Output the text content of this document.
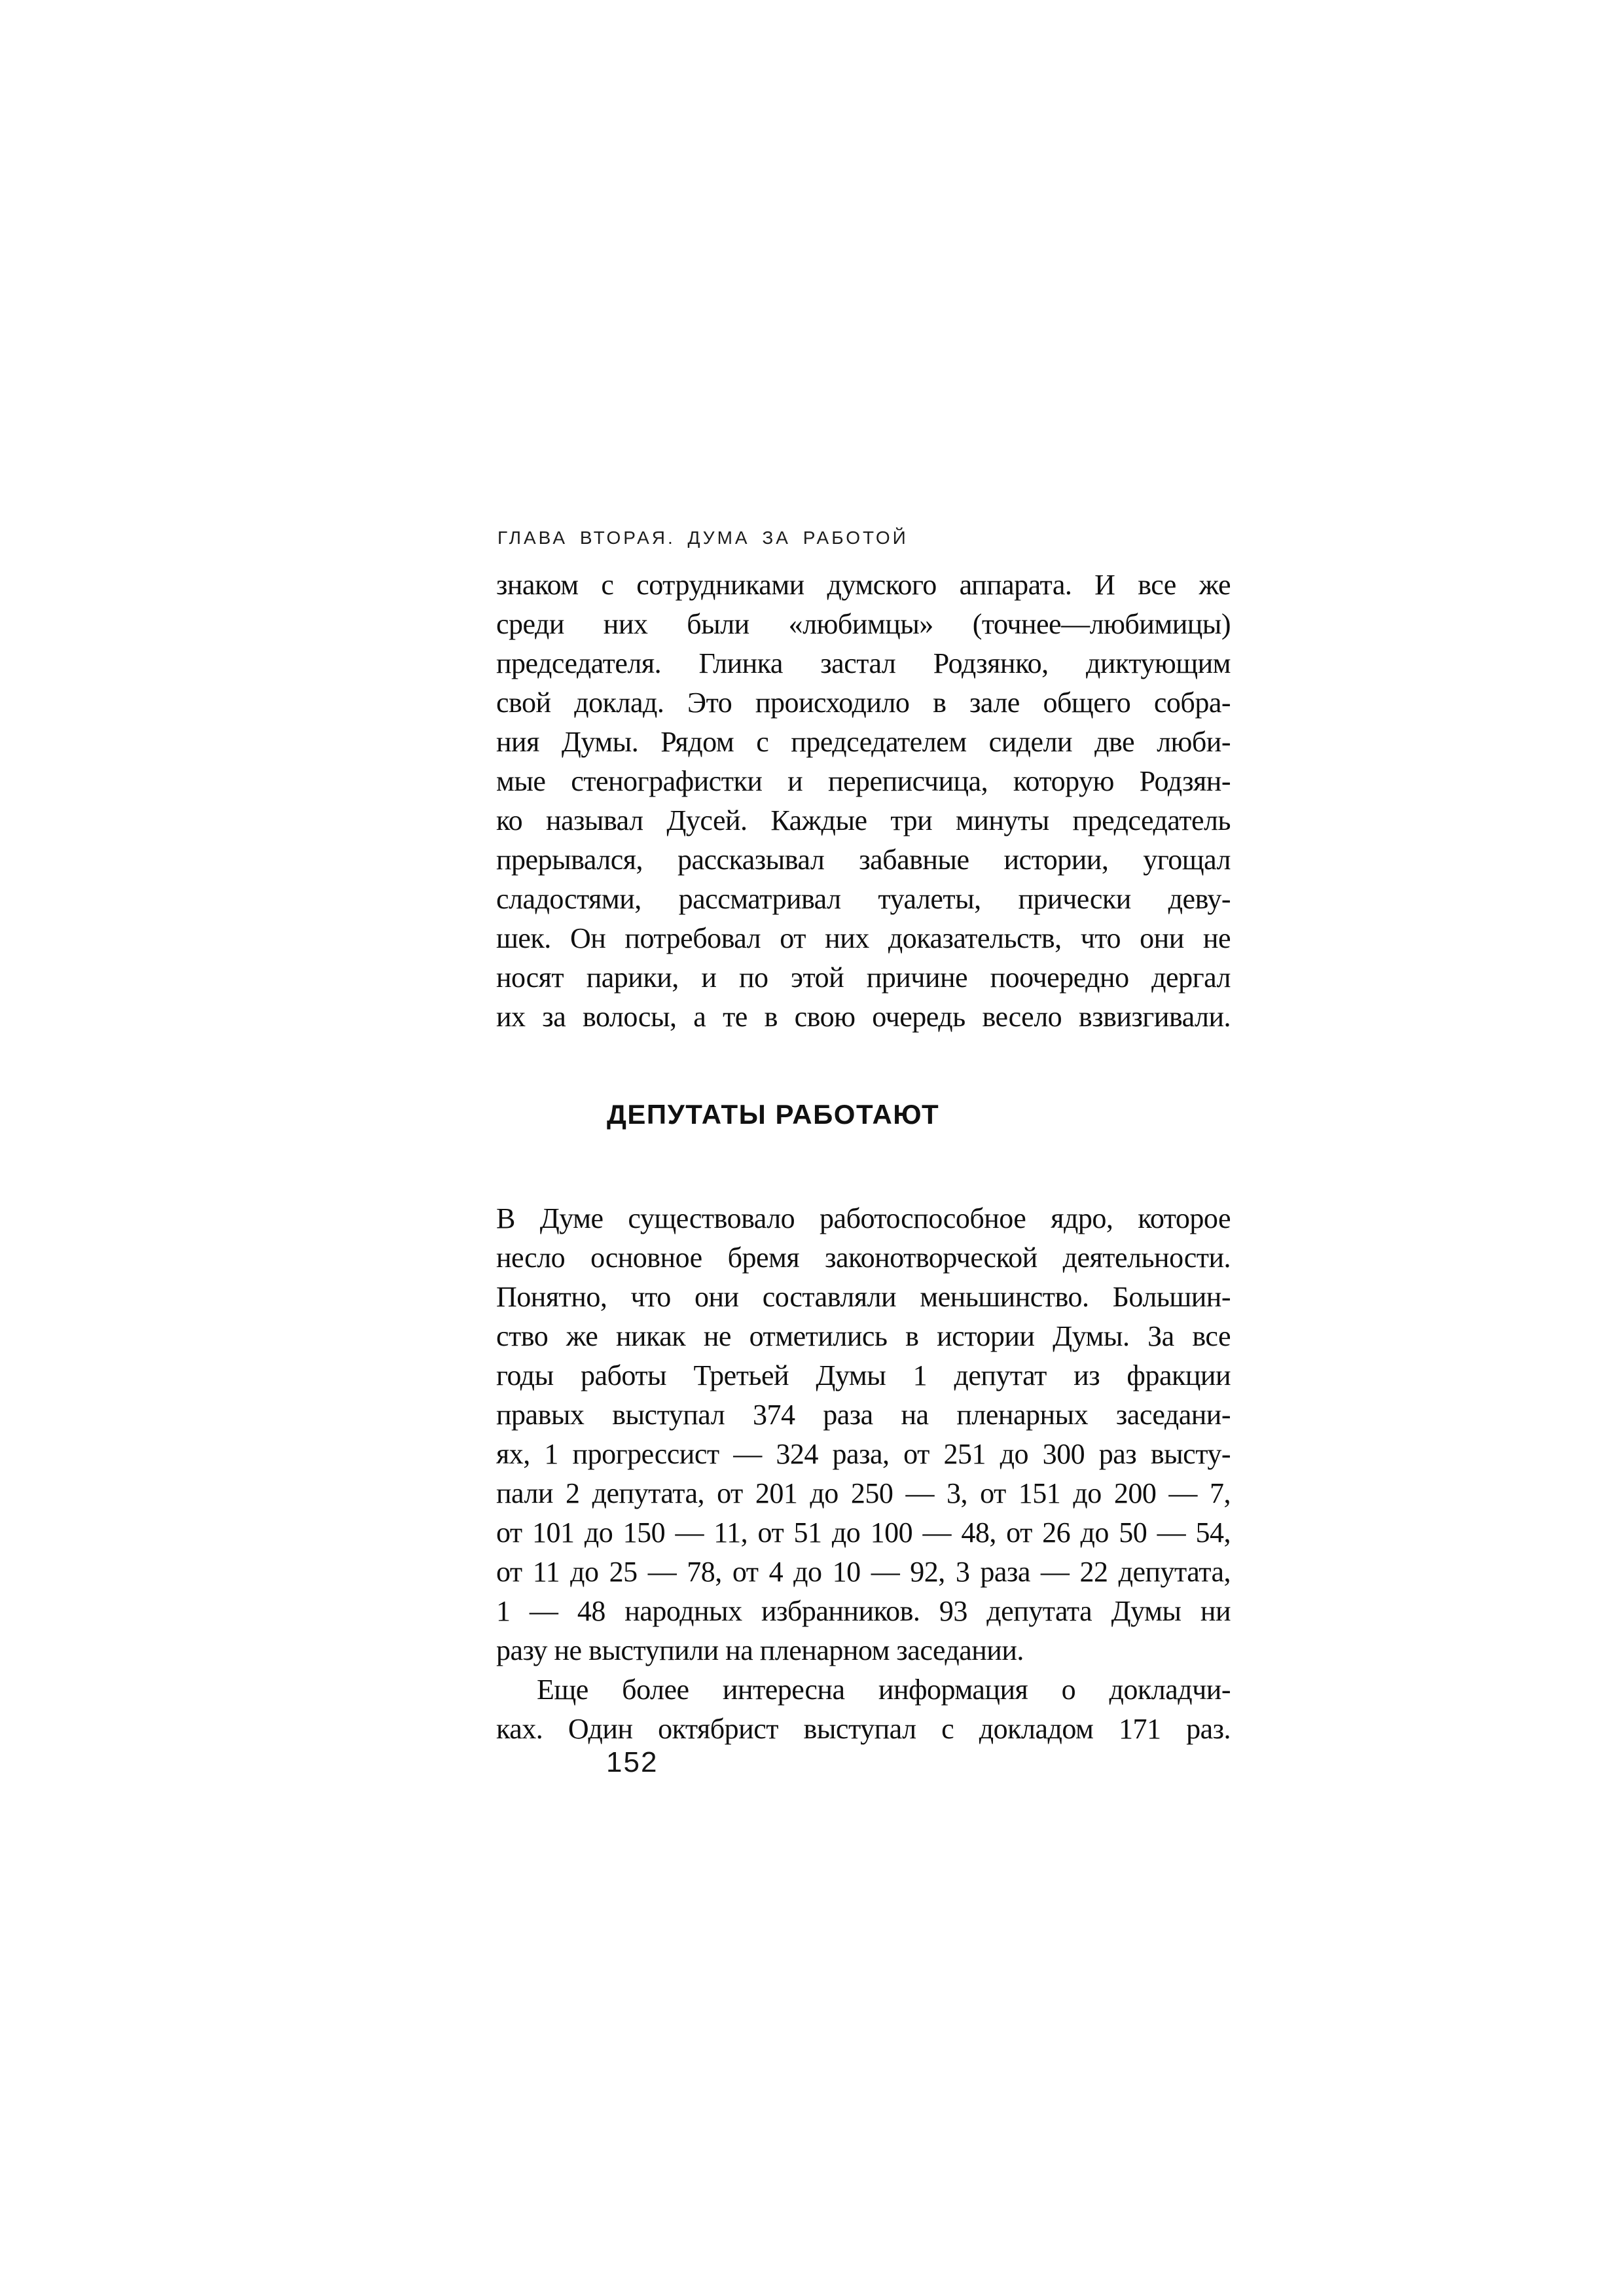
ГЛАВА ВТОРАЯ. ДУМА ЗА РАБОТОЙ
знаком с сотрудниками думского аппарата. И все же
среди них были «любимцы» (точнее—любимицы)
председателя. Глинка застал Родзянко, диктующим
свой доклад. Это происходило в зале общего собра-
ния Думы. Рядом с председателем сидели две люби-
мые стенографистки и переписчица, которую Родзян-
ко называл Дусей. Каждые три минуты председатель
прерывался, рассказывал забавные истории, угощал
сладостями, рассматривал туалеты, прически деву-
шек. Он потребовал от них доказательств, что они не
носят парики, и по этой причине поочередно дергал
их за волосы, а те в свою очередь весело взвизгивали.
ДЕПУТАТЫ РАБОТАЮТ
В Думе существовало работоспособное ядро, которое
несло основное бремя законотворческой деятельности.
Понятно, что они составляли меньшинство. Большин-
ство же никак не отметились в истории Думы. За все
годы работы Третьей Думы 1 депутат из фракции
правых выступал 374 раза на пленарных заседани-
ях, 1 прогрессист — 324 раза, от 251 до 300 раз высту-
пали 2 депутата, от 201 до 250 — 3, от 151 до 200 — 7,
от 101 до 150 — 11, от 51 до 100 — 48, от 26 до 50 — 54,
от 11 до 25 — 78, от 4 до 10 — 92, 3 раза — 22 депутата,
1 — 48 народных избранников. 93 депутата Думы ни
разу не выступили на пленарном заседании.
Еще более интересна информация о докладчи-
ках. Один октябрист выступал с докладом 171 раз.
152
